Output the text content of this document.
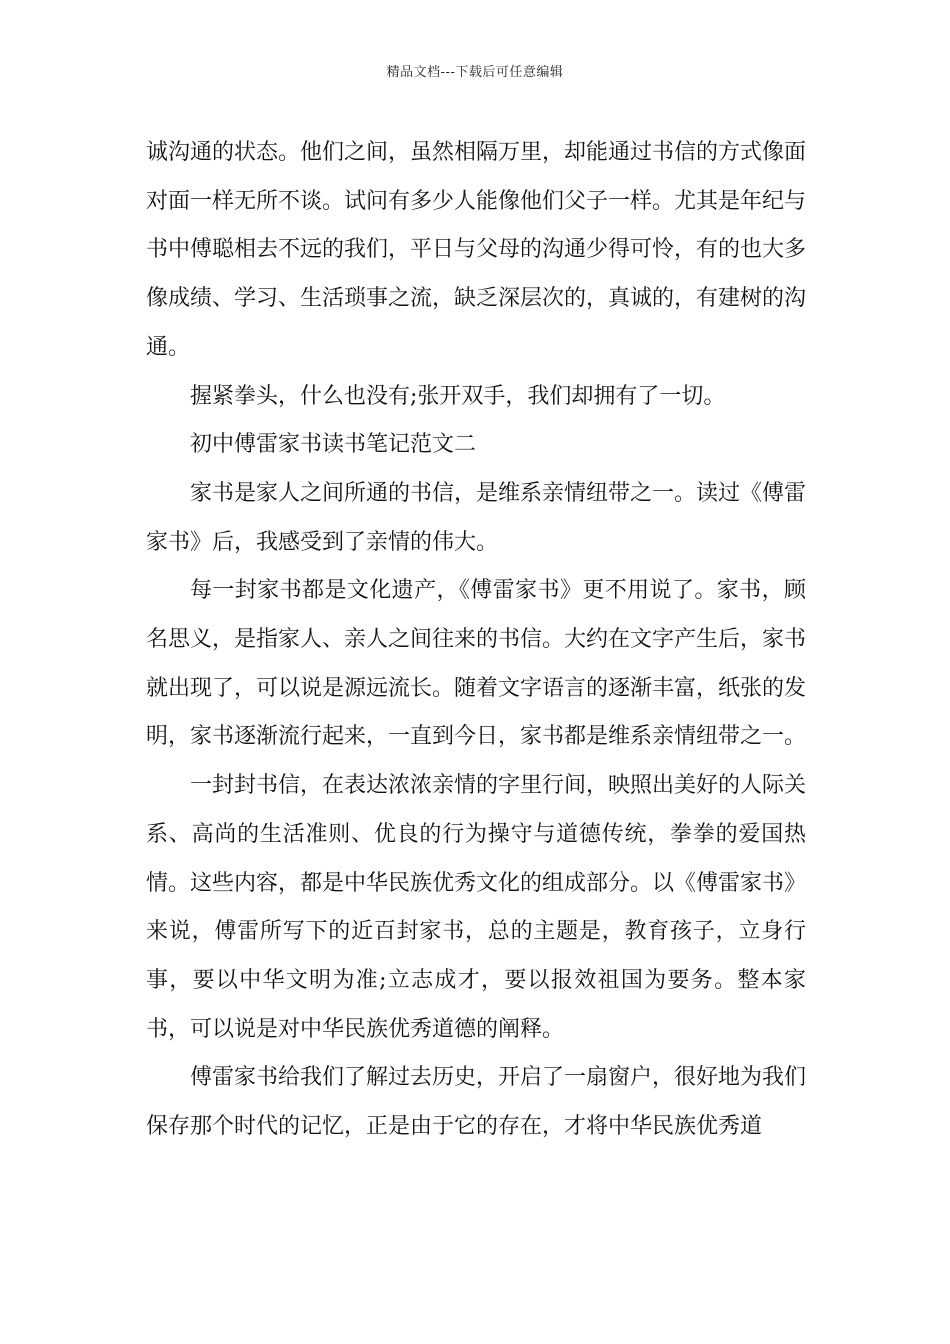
精品文档---下载后可任意编辑

诚沟通的状态。他们之间，虽然相隔万里，却能通过书信的方式像面对面一样无所不谈。试问有多少人能像他们父子一样。尤其是年纪与书中傅聪相去不远的我们，平日与父母的沟通少得可怜，有的也大多像成绩、学习、生活琐事之流，缺乏深层次的，真诚的，有建树的沟通。

握紧拳头，什么也没有;张开双手，我们却拥有了一切。

初中傅雷家书读书笔记范文二

家书是家人之间所通的书信，是维系亲情纽带之一。读过《傅雷家书》后，我感受到了亲情的伟大。

每一封家书都是文化遗产，《傅雷家书》更不用说了。家书，顾名思义，是指家人、亲人之间往来的书信。大约在文字产生后，家书就出现了，可以说是源远流长。随着文字语言的逐渐丰富，纸张的发明，家书逐渐流行起来，一直到今日，家书都是维系亲情纽带之一。

一封封书信，在表达浓浓亲情的字里行间，映照出美好的人际关系、高尚的生活准则、优良的行为操守与道德传统，拳拳的爱国热情。这些内容，都是中华民族优秀文化的组成部分。以《傅雷家书》来说，傅雷所写下的近百封家书，总的主题是，教育孩子，立身行事，要以中华文明为准;立志成才，要以报效祖国为要务。整本家书，可以说是对中华民族优秀道德的阐释。

傅雷家书给我们了解过去历史，开启了一扇窗户，很好地为我们保存那个时代的记忆，正是由于它的存在，才将中华民族优秀道
